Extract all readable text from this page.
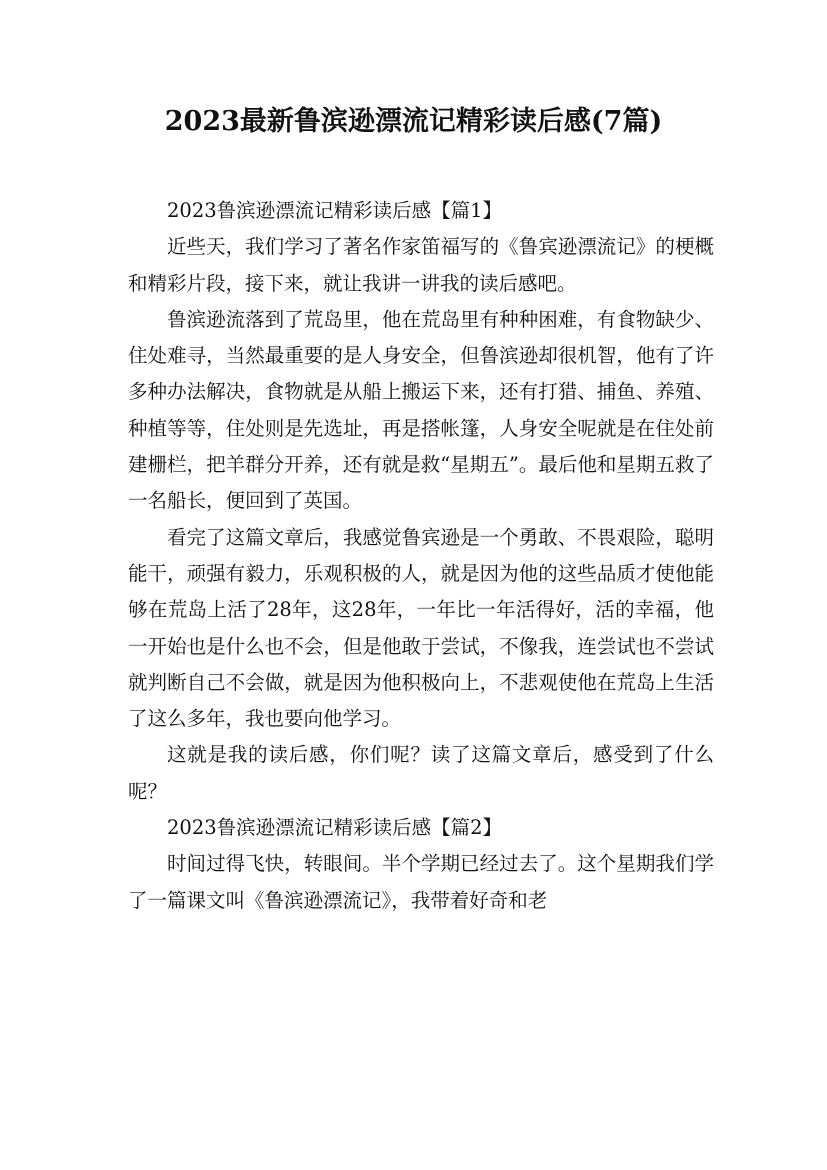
2023最新鲁滨逊漂流记精彩读后感(7篇)

2023鲁滨逊漂流记精彩读后感【篇1】

近些天，我们学习了著名作家笛福写的《鲁宾逊漂流记》的梗概和精彩片段，接下来，就让我讲一讲我的读后感吧。

鲁滨逊流落到了荒岛里，他在荒岛里有种种困难，有食物缺少、住处难寻，当然最重要的是人身安全，但鲁滨逊却很机智，他有了许多种办法解决，食物就是从船上搬运下来，还有打猎、捕鱼、养殖、种植等等，住处则是先选址，再是搭帐篷，人身安全呢就是在住处前建栅栏，把羊群分开养，还有就是救“星期五”。最后他和星期五救了一名船长，便回到了英国。

看完了这篇文章后，我感觉鲁宾逊是一个勇敢、不畏艰险，聪明能干，顽强有毅力，乐观积极的人，就是因为他的这些品质才使他能够在荒岛上活了28年，这28年，一年比一年活得好，活的幸福，他一开始也是什么也不会，但是他敢于尝试，不像我，连尝试也不尝试就判断自己不会做，就是因为他积极向上，不悲观使他在荒岛上生活了这么多年，我也要向他学习。

这就是我的读后感，你们呢？读了这篇文章后，感受到了什么呢？

2023鲁滨逊漂流记精彩读后感【篇2】

时间过得飞快，转眼间。半个学期已经过去了。这个星期我们学了一篇课文叫《鲁滨逊漂流记》，我带着好奇和老
